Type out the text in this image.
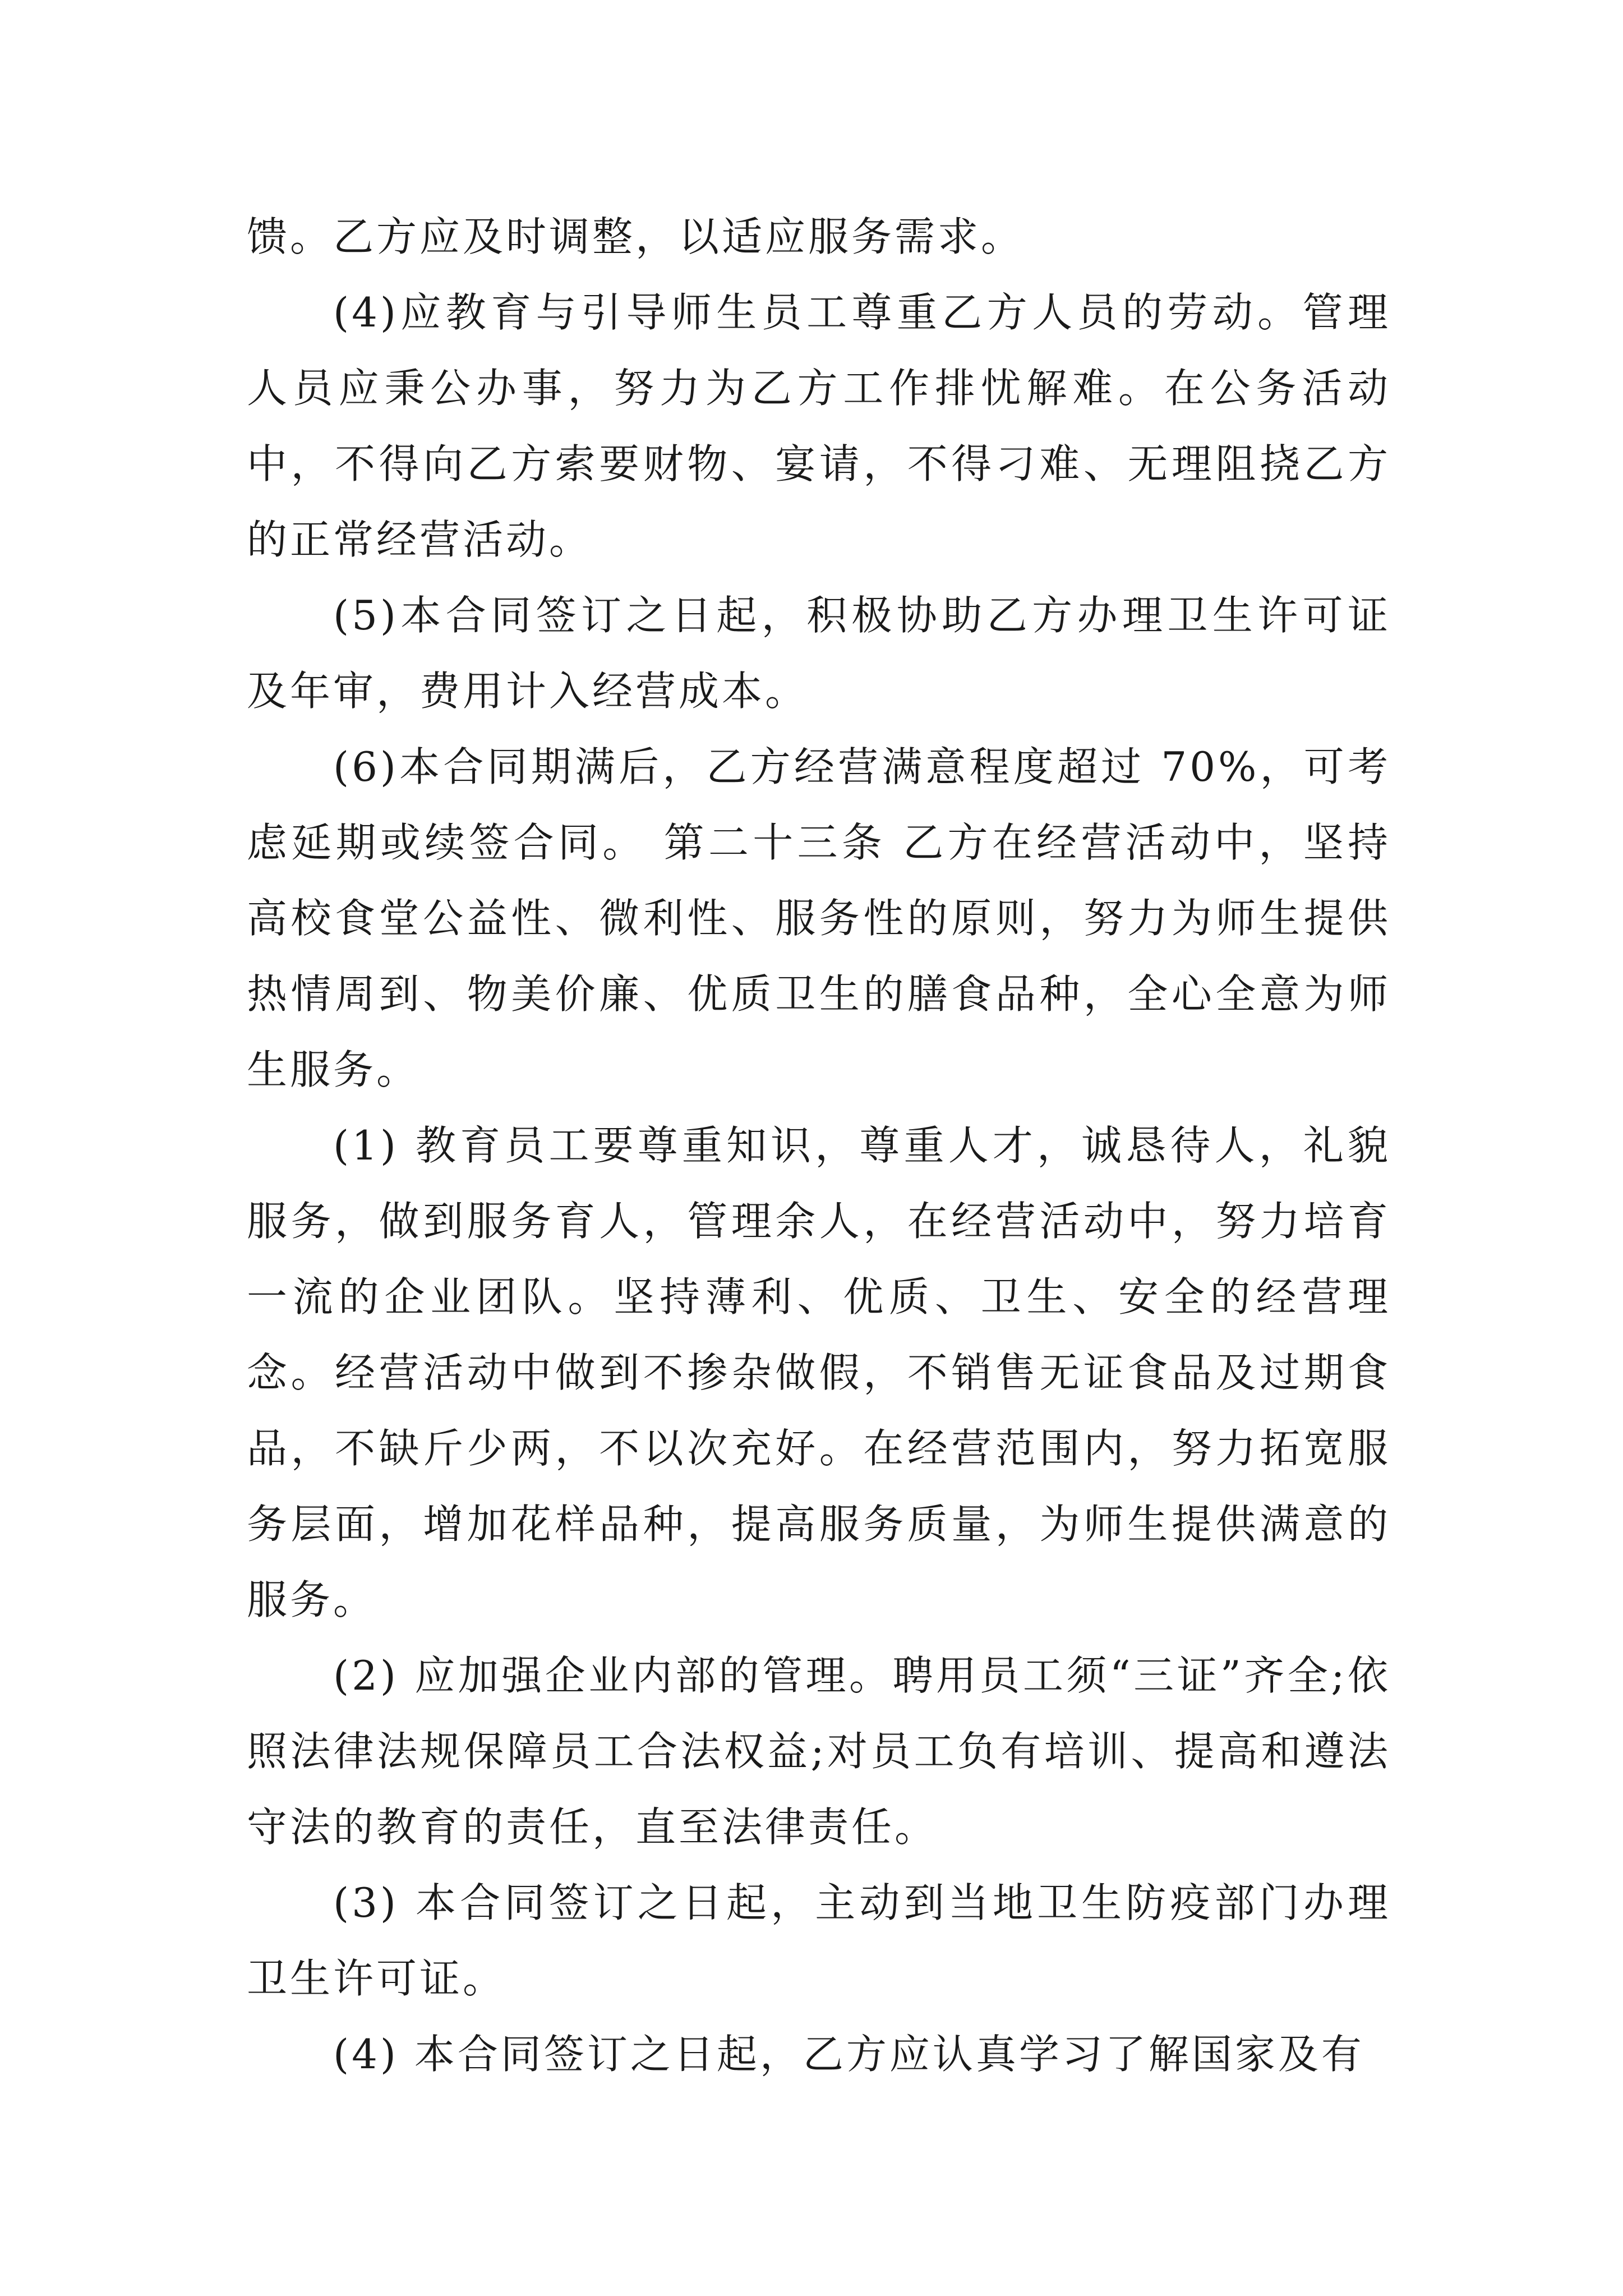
馈。乙方应及时调整，以适应服务需求。

(4)应教育与引导师生员工尊重乙方人员的劳动。管理人员应秉公办事，努力为乙方工作排忧解难。在公务活动中，不得向乙方索要财物、宴请，不得刁难、无理阻挠乙方的正常经营活动。

(5)本合同签订之日起，积极协助乙方办理卫生许可证及年审，费用计入经营成本。

(6)本合同期满后，乙方经营满意程度超过 70%，可考虑延期或续签合同。 第二十三条 乙方在经营活动中，坚持高校食堂公益性、微利性、服务性的原则，努力为师生提供热情周到、物美价廉、优质卫生的膳食品种，全心全意为师生服务。

(1) 教育员工要尊重知识，尊重人才，诚恳待人，礼貌服务，做到服务育人，管理余人，在经营活动中，努力培育一流的企业团队。坚持薄利、优质、卫生、安全的经营理念。经营活动中做到不掺杂做假，不销售无证食品及过期食品，不缺斤少两，不以次充好。在经营范围内，努力拓宽服务层面，增加花样品种，提高服务质量，为师生提供满意的服务。

(2) 应加强企业内部的管理。聘用员工须“三证”齐全;依照法律法规保障员工合法权益;对员工负有培训、提高和遵法守法的教育的责任，直至法律责任。

(3) 本合同签订之日起，主动到当地卫生防疫部门办理卫生许可证。

(4) 本合同签订之日起，乙方应认真学习了解国家及有
